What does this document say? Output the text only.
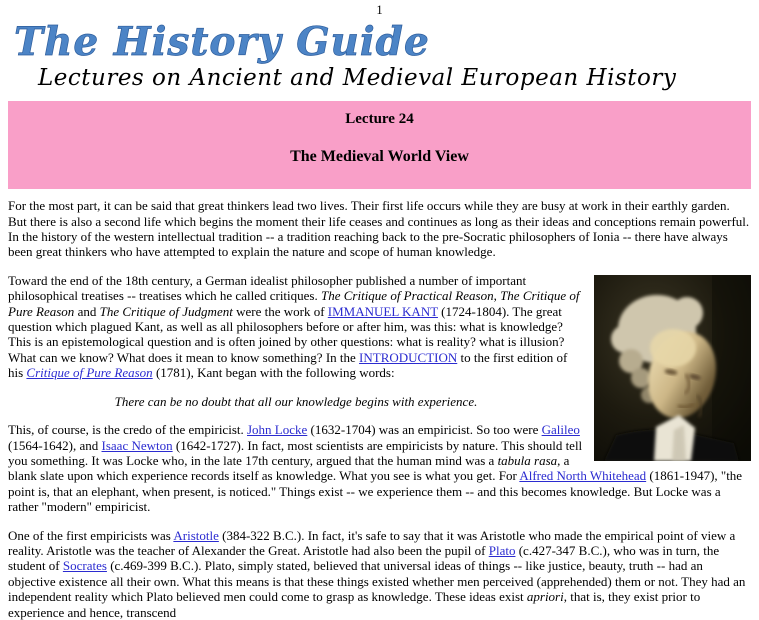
1
The History Guide
Lectures on Ancient and Medieval European History
Lecture 24
The Medieval World View

For the most part, it can be said that great thinkers lead two lives. Their first life occurs while they are busy at work in their earthly garden. But there is also a second life which begins the moment their life ceases and continues as long as their ideas and conceptions remain powerful. In the history of the western intellectual tradition -- a tradition reaching back to the pre-Socratic philosophers of Ionia -- there have always been great thinkers who have attempted to explain the nature and scope of human knowledge.

Toward the end of the 18th century, a German idealist philosopher published a number of important philosophical treatises -- treatises which he called critiques. The Critique of Practical Reason, The Critique of Pure Reason and The Critique of Judgment were the work of IMMANUEL KANT (1724-1804). The great question which plagued Kant, as well as all philosophers before or after him, was this: what is knowledge? This is an epistemological question and is often joined by other questions: what is reality? what is illusion? What can we know? What does it mean to know something? In the INTRODUCTION to the first edition of his Critique of Pure Reason (1781), Kant began with the following words:

There can be no doubt that all our knowledge begins with experience.

This, of course, is the credo of the empiricist. John Locke (1632-1704) was an empiricist. So too were Galileo (1564-1642), and Isaac Newton (1642-1727). In fact, most scientists are empiricists by nature. This should tell you something. It was Locke who, in the late 17th century, argued that the human mind was a tabula rasa, a blank slate upon which experience records itself as knowledge. What you see is what you get. For Alfred North Whitehead (1861-1947), "the point is, that an elephant, when present, is noticed." Things exist -- we experience them -- and this becomes knowledge. But Locke was a rather "modern" empiricist.

One of the first empiricists was Aristotle (384-322 B.C.). In fact, it's safe to say that it was Aristotle who made the empirical point of view a reality. Aristotle was the teacher of Alexander the Great. Aristotle had also been the pupil of Plato (c.427-347 B.C.), who was in turn, the student of Socrates (c.469-399 B.C.). Plato, simply stated, believed that universal ideas of things -- like justice, beauty, truth -- had an objective existence all their own. What this means is that these things existed whether men perceived (apprehended) them or not. They had an independent reality which Plato believed men could come to grasp as knowledge. These ideas exist apriori, that is, they exist prior to experience and hence, transcend
